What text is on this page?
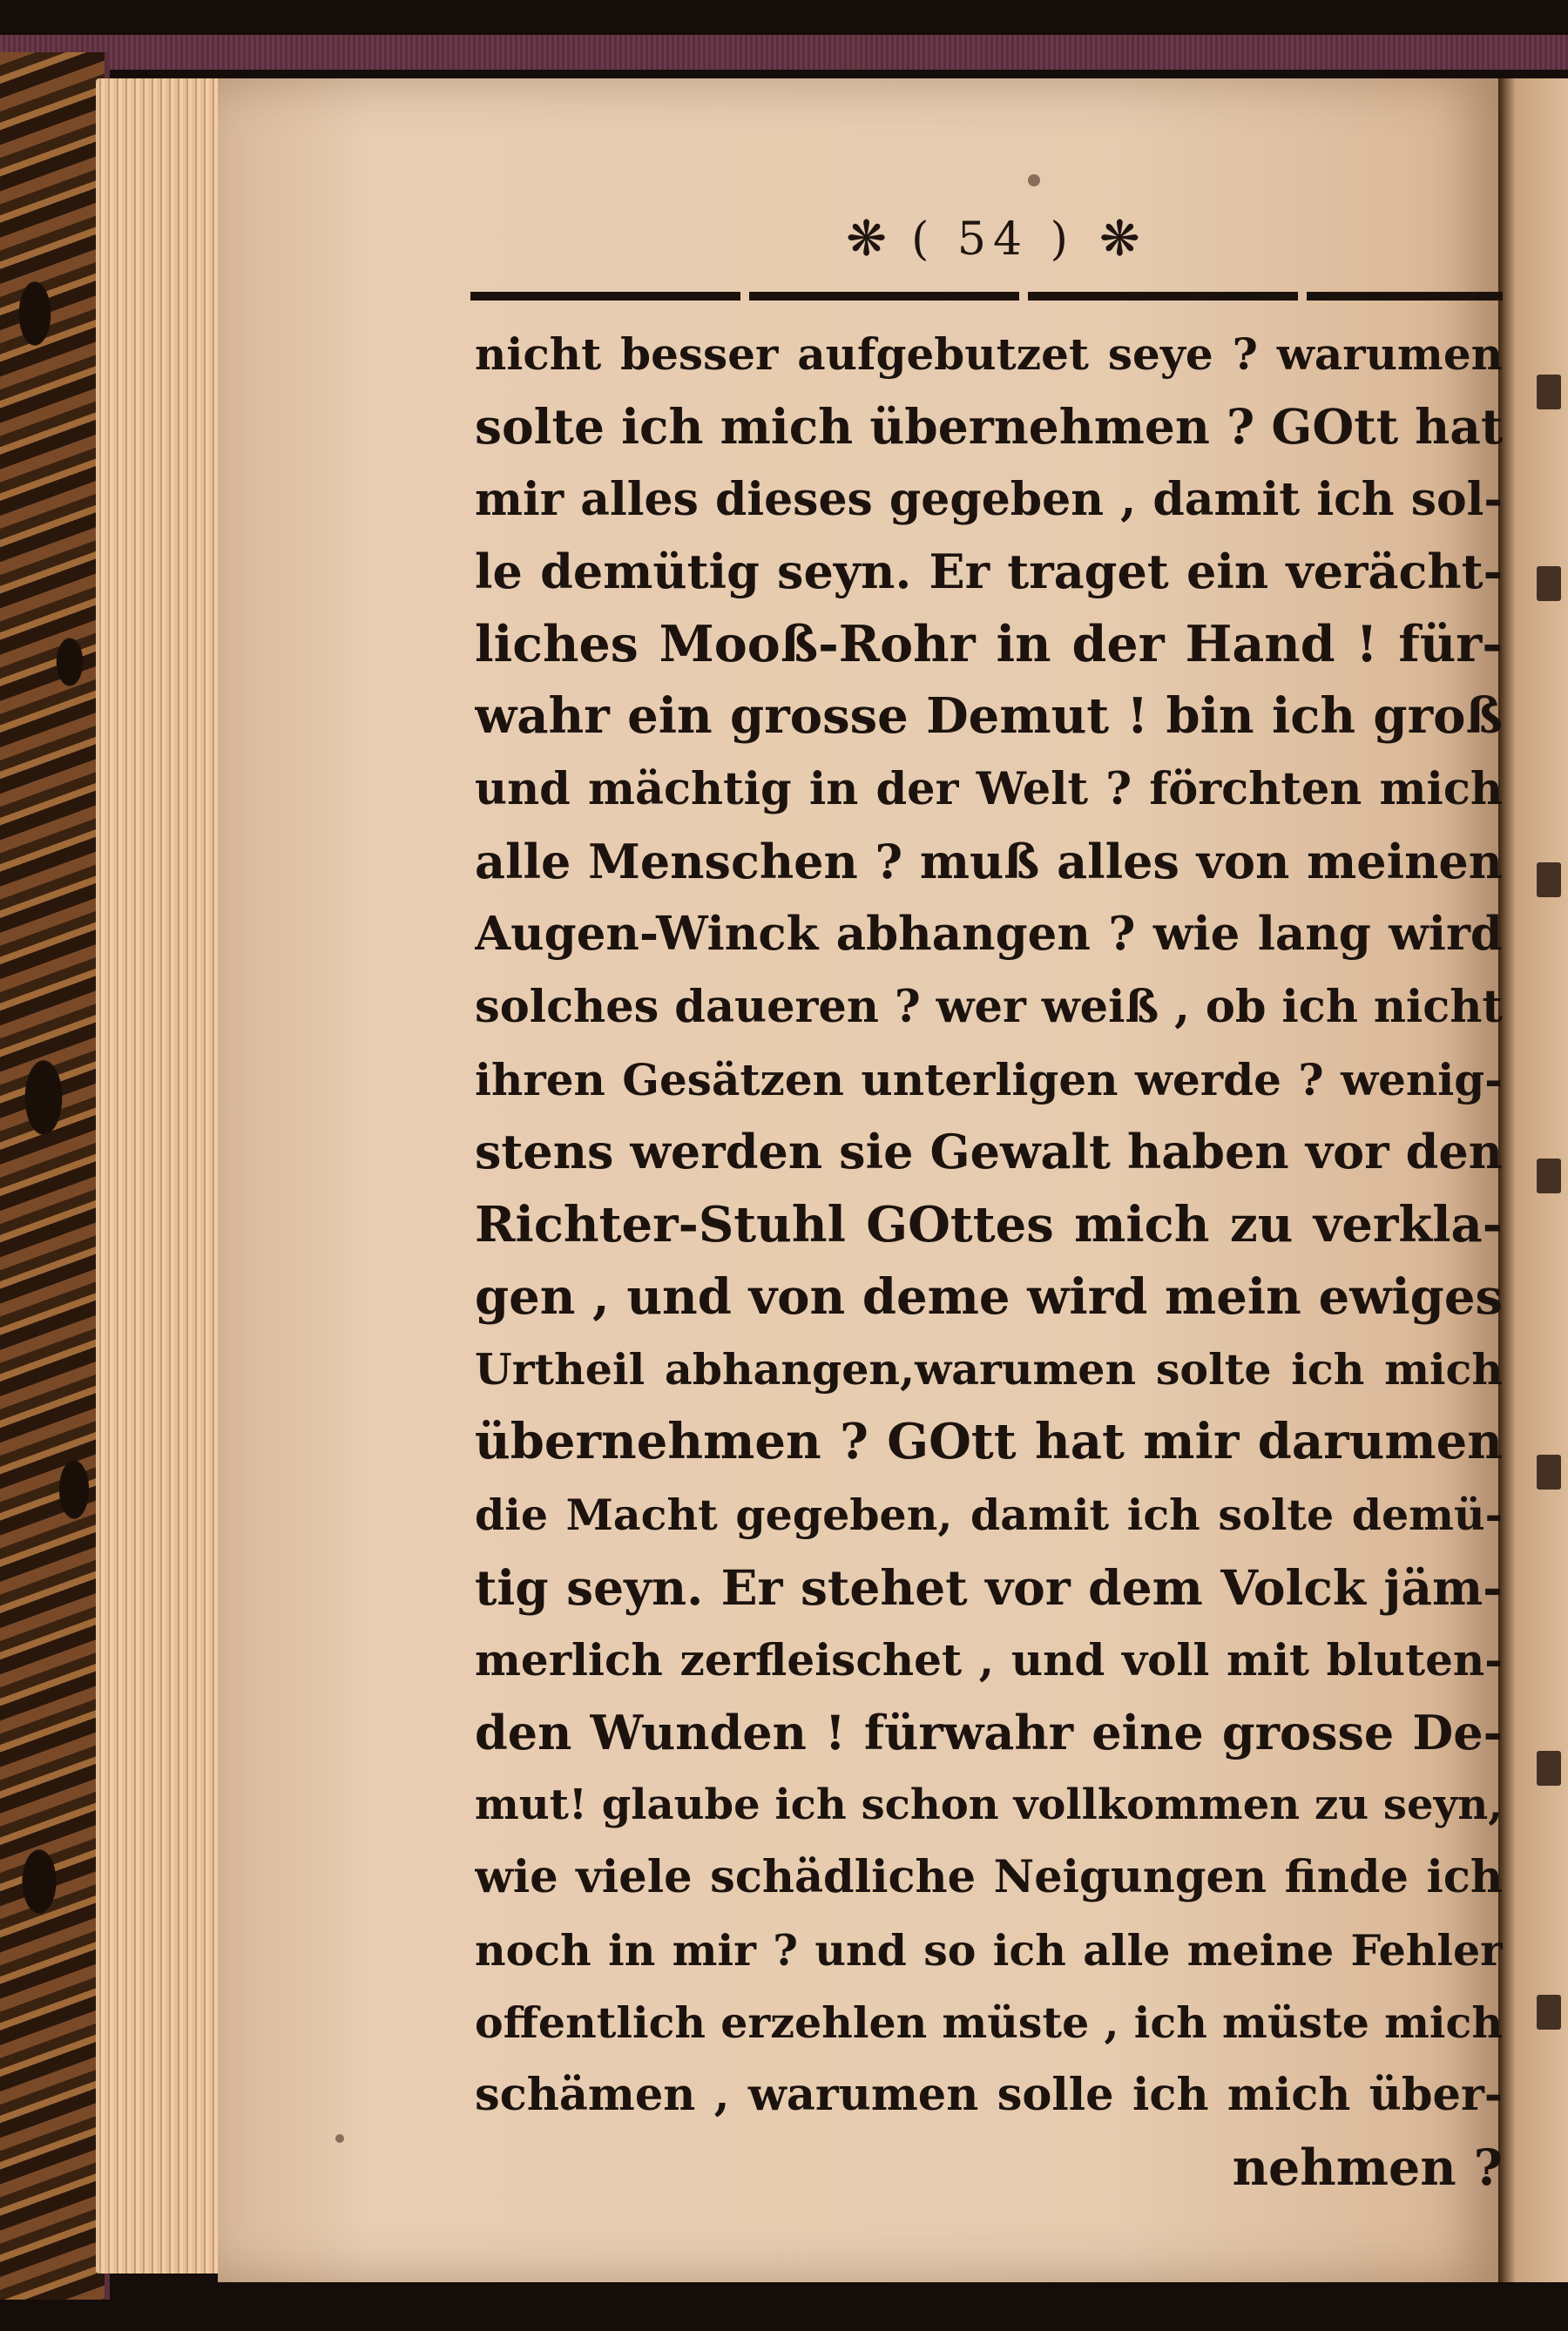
❋ ( 54 ) ❋
nicht besser aufgebutzet seye ? warumen
solte ich mich übernehmen ? GOtt hat
mir alles dieses gegeben , damit ich sol-
le demütig seyn. Er traget ein verächt-
liches Mooß-Rohr in der Hand ! für-
wahr ein grosse Demut ! bin ich groß
und mächtig in der Welt ? förchten mich
alle Menschen ? muß alles von meinen
Augen-Winck abhangen ? wie lang wird
solches daueren ? wer weiß , ob ich nicht
ihren Gesätzen unterligen werde ? wenig-
stens werden sie Gewalt haben vor den
Richter-Stuhl GOttes mich zu verkla-
gen , und von deme wird mein ewiges
Urtheil abhangen,warumen solte ich mich
übernehmen ? GOtt hat mir darumen
die Macht gegeben, damit ich solte demü-
tig seyn. Er stehet vor dem Volck jäm-
merlich zerfleischet , und voll mit bluten-
den Wunden ! fürwahr eine grosse De-
mut! glaube ich schon vollkommen zu seyn,
wie viele schädliche Neigungen finde ich
noch in mir ? und so ich alle meine Fehler
offentlich erzehlen müste , ich müste mich
schämen , warumen solle ich mich über-
nehmen ?
